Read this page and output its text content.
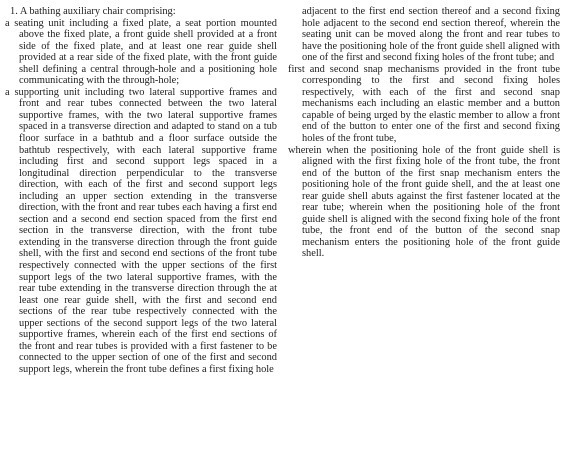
1. A bathing auxiliary chair comprising:

a seating unit including a fixed plate, a seat portion mounted above the fixed plate, a front guide shell provided at a front side of the fixed plate, and at least one rear guide shell provided at a rear side of the fixed plate, with the front guide shell defining a central through-hole and a positioning hole communicating with the through-hole;

a supporting unit including two lateral supportive frames and front and rear tubes connected between the two lateral supportive frames, with the two lateral supportive frames spaced in a transverse direction and adapted to stand on a tub floor surface in a bathtub and a floor surface outside the bathtub respectively, with each lateral supportive frame including first and second support legs spaced in a longitudinal direction perpendicular to the transverse direction, with each of the first and second support legs including an upper section extending in the transverse direction, with the front and rear tubes each having a first end section and a second end section spaced from the first end section in the transverse direction, with the front tube extending in the transverse direction through the front guide shell, with the first and second end sections of the front tube respectively connected with the upper sections of the first support legs of the two lateral supportive frames, with the rear tube extending in the transverse direction through the at least one rear guide shell, with the first and second end sections of the rear tube respectively connected with the upper sections of the second support legs of the two lateral supportive frames, wherein each of the first end sections of the front and rear tubes is provided with a first fastener to be connected to the upper section of one of the first and second support legs, wherein the front tube defines a first fixing hole

adjacent to the first end section thereof and a second fixing hole adjacent to the second end section thereof, wherein the seating unit can be moved along the front and rear tubes to have the positioning hole of the front guide shell aligned with one of the first and second fixing holes of the front tube; and

first and second snap mechanisms provided in the front tube corresponding to the first and second fixing holes respectively, with each of the first and second snap mechanisms each including an elastic member and a button capable of being urged by the elastic member to allow a front end of the button to enter one of the first and second fixing holes of the front tube,

wherein when the positioning hole of the front guide shell is aligned with the first fixing hole of the front tube, the front end of the button of the first snap mechanism enters the positioning hole of the front guide shell, and the at least one rear guide shell abuts against the first fastener located at the rear tube; wherein when the positioning hole of the front guide shell is aligned with the second fixing hole of the front tube, the front end of the button of the second snap mechanism enters the positioning hole of the front guide shell.
